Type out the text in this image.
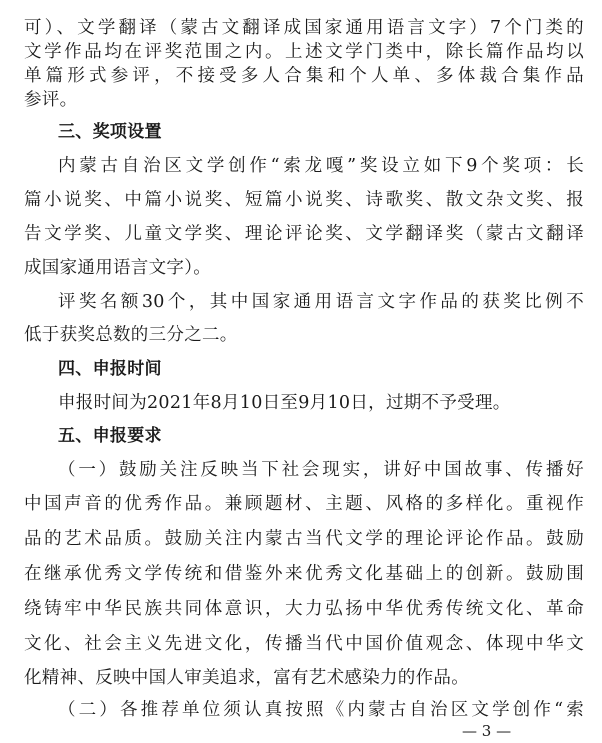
可）、文学翻译（蒙古文翻译成国家通用语言文字）7个门类的
文学作品均在评奖范围之内。上述文学门类中，除长篇作品均以
单篇形式参评，不接受多人合集和个人单、多体裁合集作品
参评。
三、奖项设置
内蒙古自治区文学创作“索龙嘎”奖设立如下9个奖项：长
篇小说奖、中篇小说奖、短篇小说奖、诗歌奖、散文杂文奖、报
告文学奖、儿童文学奖、理论评论奖、文学翻译奖（蒙古文翻译
成国家通用语言文字）。
评奖名额30个，其中国家通用语言文字作品的获奖比例不
低于获奖总数的三分之二。
四、申报时间
申报时间为2021年8月10日至9月10日，过期不予受理。
五、申报要求
（一）鼓励关注反映当下社会现实，讲好中国故事、传播好
中国声音的优秀作品。兼顾题材、主题、风格的多样化。重视作
品的艺术品质。鼓励关注内蒙古当代文学的理论评论作品。鼓励
在继承优秀文学传统和借鉴外来优秀文化基础上的创新。鼓励围
绕铸牢中华民族共同体意识，大力弘扬中华优秀传统文化、革命
文化、社会主义先进文化，传播当代中国价值观念、体现中华文
化精神、反映中国人审美追求，富有艺术感染力的作品。
— 3 —
（二）各推荐单位须认真按照《内蒙古自治区文学创作“索
